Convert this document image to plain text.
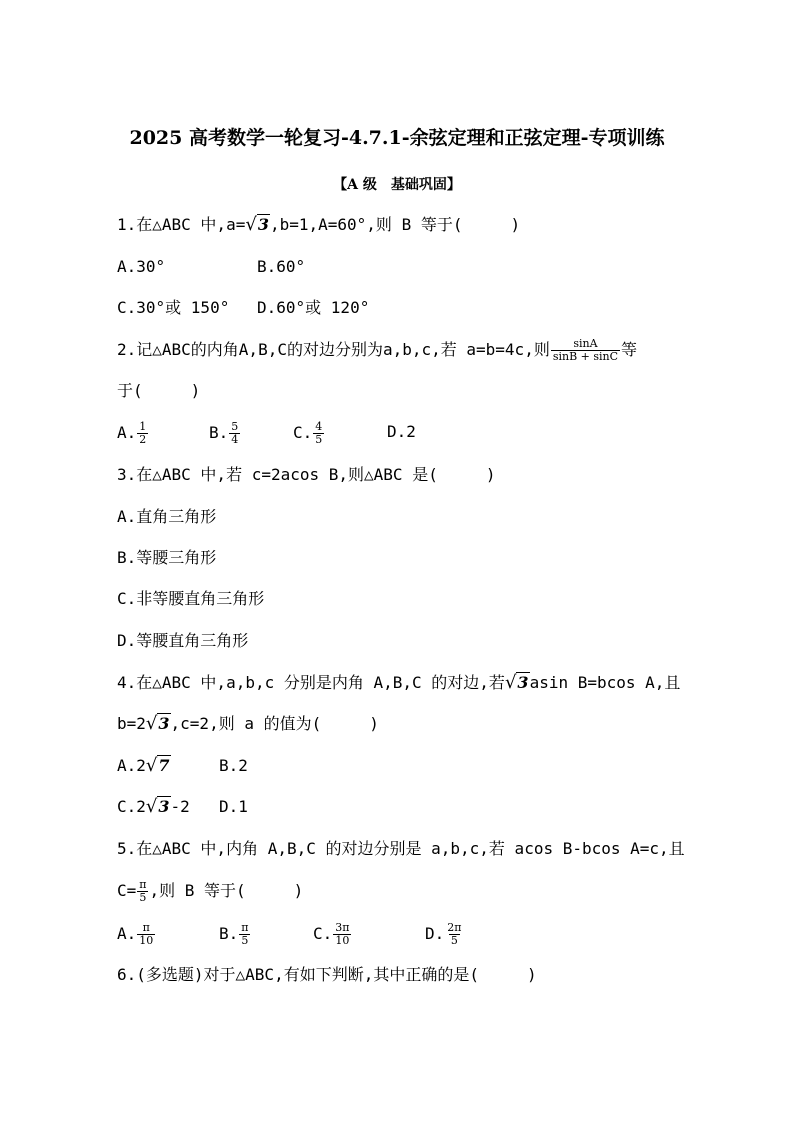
2025 高考数学一轮复习-4.7.1-余弦定理和正弦定理-专项训练
【A 级　基础巩固】
1.在△ABC 中,a=√3,b=1,A=60°,则 B 等于(　　　)
A.30°	B.60°
C.30°或 150° D.60°或 120°
2.记△ABC的内角A,B,C的对边分别为a,b,c,若 a=b=4c,则 $\frac{\sin A}{\sin B + \sin C}$ 等
于(　　　)
A. $\frac{1}{2}$	B. $\frac{5}{4}$	C. $\frac{4}{5}$	D.2
3.在△ABC 中,若 c=2acos B,则△ABC 是(　　　)
A.直角三角形
B.等腰三角形
C.非等腰直角三角形
D.等腰直角三角形
4.在△ABC 中,a,b,c 分别是内角 A,B,C 的对边,若√3asin B=bcos A,且
b=2√3,c=2,则 a 的值为(　　　)
A.2√7	B.2
C.2√3-2 D.1
5.在△ABC 中,内角 A,B,C 的对边分别是 a,b,c,若 acos B-bcos A=c,且
$C= \frac{\pi}{5}$ ,则 B 等于(　　　)
A. $\frac{\pi}{10}$	B. $\frac{\pi}{5}$	C. $\frac{3\pi}{10}$	D. $\frac{2\pi}{5}$
6.(多选题)对于△ABC,有如下判断,其中正确的是(　　　)
